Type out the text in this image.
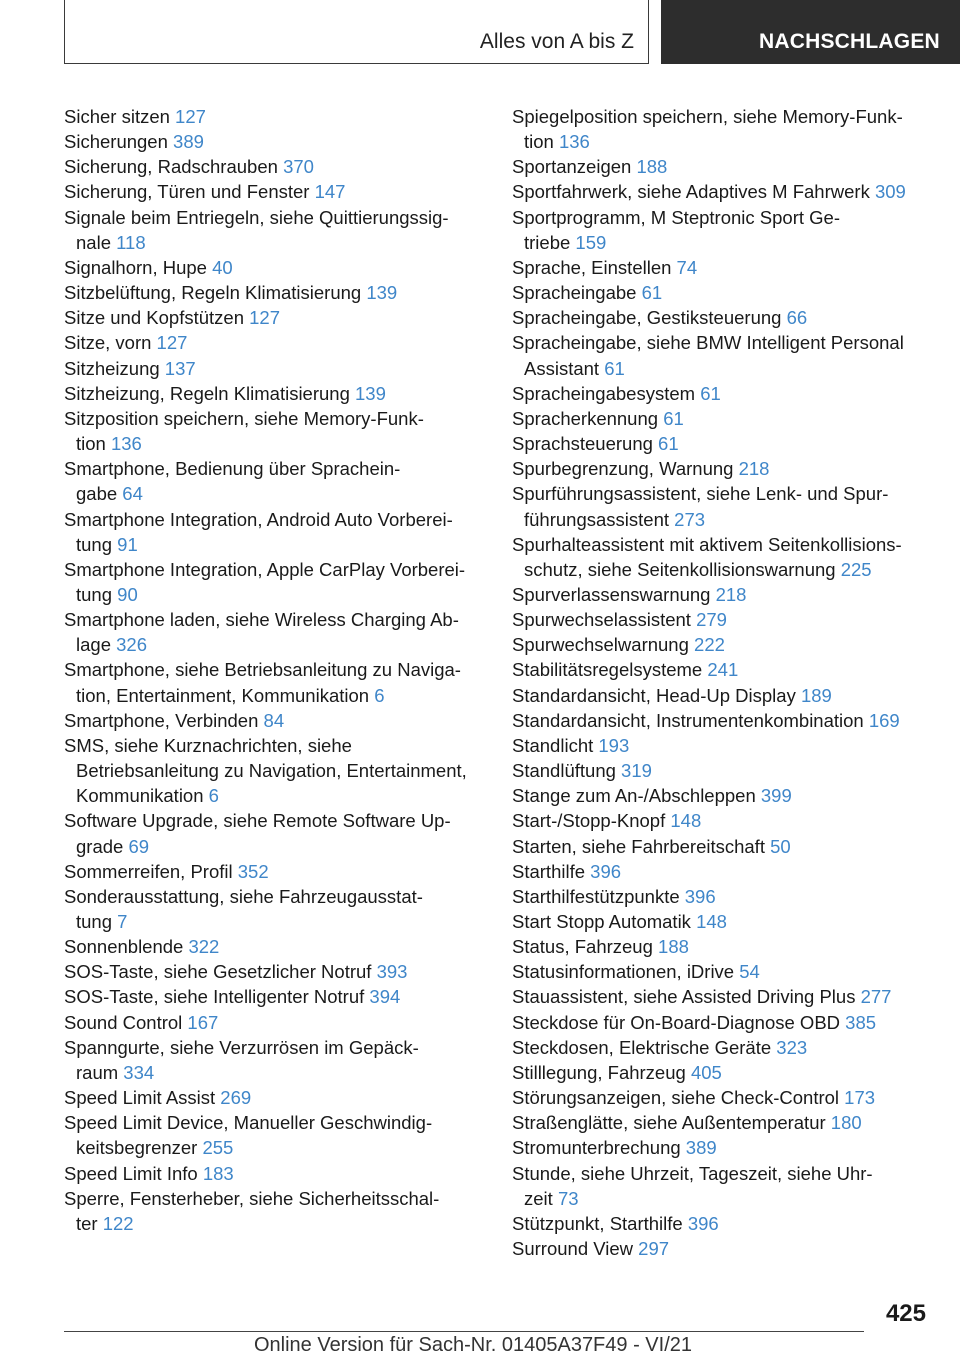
Alles von A bis Z	NACHSCHLAGEN
Sicher sitzen 127
Sicherungen 389
Sicherung, Radschrauben 370
Sicherung, Türen und Fenster 147
Signale beim Entriegeln, siehe Quittierungssig-
nale 118
Signalhorn, Hupe 40
Sitzbelüftung, Regeln Klimatisierung 139
Sitze und Kopfstützen 127
Sitze, vorn 127
Sitzheizung 137
Sitzheizung, Regeln Klimatisierung 139
Sitzposition speichern, siehe Memory-Funk-
tion 136
Smartphone, Bedienung über Sprachein-
gabe 64
Smartphone Integration, Android Auto Vorberei-
tung 91
Smartphone Integration, Apple CarPlay Vorberei-
tung 90
Smartphone laden, siehe Wireless Charging Ab-
lage 326
Smartphone, siehe Betriebsanleitung zu Naviga-
tion, Entertainment, Kommunikation 6
Smartphone, Verbinden 84
SMS, siehe Kurznachrichten, siehe
Betriebsanleitung zu Navigation, Entertainment,
Kommunikation 6
Software Upgrade, siehe Remote Software Up-
grade 69
Sommerreifen, Profil 352
Sonderausstattung, siehe Fahrzeugausstat-
tung 7
Sonnenblende 322
SOS-Taste, siehe Gesetzlicher Notruf 393
SOS-Taste, siehe Intelligenter Notruf 394
Sound Control 167
Spanngurte, siehe Verzurrösen im Gepäck-
raum 334
Speed Limit Assist 269
Speed Limit Device, Manueller Geschwindig-
keitsbegrenzer 255
Speed Limit Info 183
Sperre, Fensterheber, siehe Sicherheitsschal-
ter 122
Spiegelposition speichern, siehe Memory-Funk-
tion 136
Sportanzeigen 188
Sportfahrwerk, siehe Adaptives M Fahrwerk 309
Sportprogramm, M Steptronic Sport Ge-
triebe 159
Sprache, Einstellen 74
Spracheingabe 61
Spracheingabe, Gestiksteuerung 66
Spracheingabe, siehe BMW Intelligent Personal
Assistant 61
Spracheingabesystem 61
Spracherkennung 61
Sprachsteuerung 61
Spurbegrenzung, Warnung 218
Spurführungsassistent, siehe Lenk- und Spur-
führungsassistent 273
Spurhalteassistent mit aktivem Seitenkollisions-
schutz, siehe Seitenkollisionswarnung 225
Spurverlassenswarnung 218
Spurwechselassistent 279
Spurwechselwarnung 222
Stabilitätsregelsysteme 241
Standardansicht, Head-Up Display 189
Standardansicht, Instrumentenkombination 169
Standlicht 193
Standlüftung 319
Stange zum An-/Abschleppen 399
Start-/Stopp-Knopf 148
Starten, siehe Fahrbereitschaft 50
Starthilfe 396
Starthilfestützpunkte 396
Start Stopp Automatik 148
Status, Fahrzeug 188
Statusinformationen, iDrive 54
Stauassistent, siehe Assisted Driving Plus 277
Steckdose für On-Board-Diagnose OBD 385
Steckdosen, Elektrische Geräte 323
Stilllegung, Fahrzeug 405
Störungsanzeigen, siehe Check-Control 173
Straßenglätte, siehe Außentemperatur 180
Stromunterbrechung 389
Stunde, siehe Uhrzeit, Tageszeit, siehe Uhr-
zeit 73
Stützpunkt, Starthilfe 396
Surround View 297
425
Online Version für Sach-Nr. 01405A37F49 - VI/21
